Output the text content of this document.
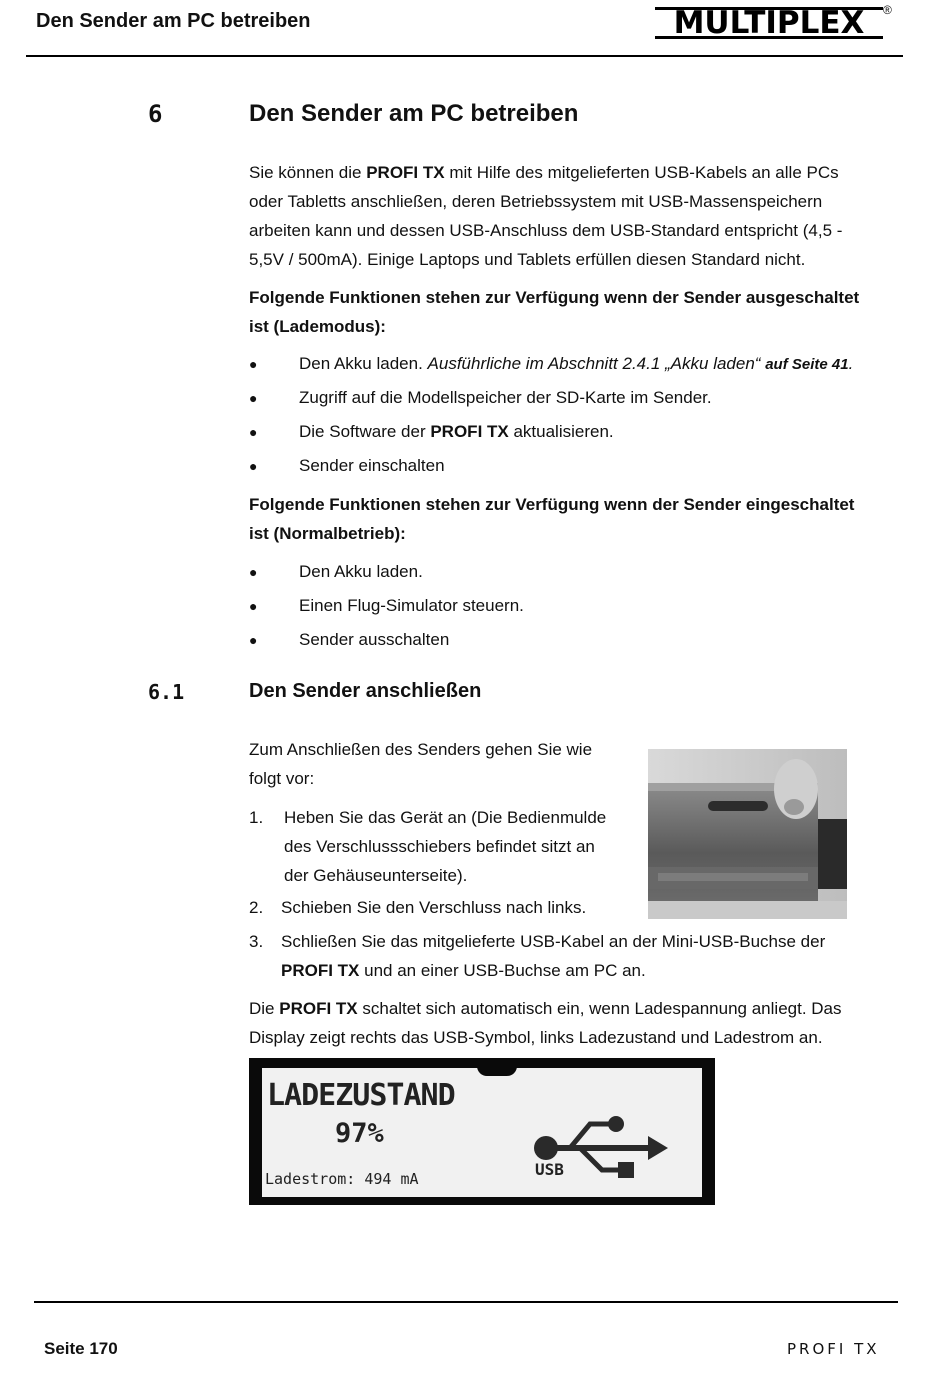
Den Sender am PC betreiben	MULTIPLEX	®
6	Den Sender am PC betreiben
Sie können die PROFI TX mit Hilfe des mitgelieferten USB-Kabels an alle PCs
oder Tabletts anschließen, deren Betriebssystem mit USB-Massenspeichern
arbeiten kann und dessen USB-Anschluss dem USB-Standard entspricht (4,5 -
5,5V / 500mA). Einige Laptops und Tablets erfüllen diesen Standard nicht.
Folgende Funktionen stehen zur Verfügung wenn der Sender ausgeschaltet
ist (Lademodus):
● Den Akku laden. Ausführliche im Abschnitt 2.4.1 „Akku laden“ auf Seite 41.
● Zugriff auf die Modellspeicher der SD-Karte im Sender.
● Die Software der PROFI TX aktualisieren.
● Sender einschalten
Folgende Funktionen stehen zur Verfügung wenn der Sender eingeschaltet
ist (Normalbetrieb):
● Den Akku laden.
● Einen Flug-Simulator steuern.
● Sender ausschalten
6.1	Den Sender anschließen
Zum Anschließen des Senders gehen Sie wie
folgt vor:
1. Heben Sie das Gerät an (Die Bedienmulde
des Verschlussschiebers befindet sitzt an
der Gehäuseunterseite).
2. Schieben Sie den Verschluss nach links.
3. Schließen Sie das mitgelieferte USB-Kabel an der Mini-USB-Buchse der
PROFI TX und an einer USB-Buchse am PC an.
Die PROFI TX schaltet sich automatisch ein, wenn Ladespannung anliegt. Das
Display zeigt rechts das USB-Symbol, links Ladezustand und Ladestrom an.
LADEZUSTAND
97%
Ladestrom: 494 mA	USB
Seite 170	PROFI TX
